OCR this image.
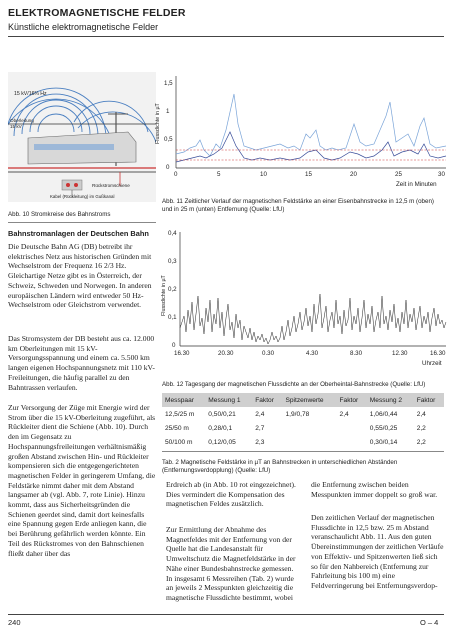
ELEKTROMAGNETISCHE FELDER
Künstliche elektromagnetische Felder
15 kV/16⅔ Hz
Oberleitung
15 kV
Rückstromschiene
Kabel (Rückleitung) im Gußkanal
Abb. 10 Stromkreise des Bahnstroms
Flussdichte in µT
0
0,5
1
1,5
0	5	10	15	20	25	30
Zeit in Minuten
Abb. 11 Zeitlicher Verlauf der magnetischen Feldstärke an einer Eisenbahnstrecke in 12,5 m (oben) und in 25 m (unten) Entfernung (Quelle: LfU)
Bahnstromanlagen der Deutschen Bahn
Die Deutsche Bahn AG (DB) betreibt ihr elektrisches Netz aus historischen Gründen mit Wechselstrom der Frequenz 16 2/3 Hz. Gleichartige Netze gibt es in Österreich, der Schweiz, Schweden und Norwegen. In anderen europäischen Ländern wird entweder 50 Hz-Wechselstrom oder Gleichstrom verwendet.
Das Stromsystem der DB besteht aus ca. 12.000 km Oberleitungen mit 15 kV-Versorgungsspannung und einem ca. 5.500 km langen eigenen Hochspannungsnetz mit 110 kV-Freileitungen, die häufig parallel zu den Bahntrassen verlaufen.
Zur Versorgung der Züge mit Energie wird der Strom über die 15 kV-Oberleitung zugeführt, als Rückleiter dient die Schiene (Abb. 10). Durch den im Gegensatz zu Hochspannungsfreileitungen verhältnismäßig großen Abstand zwischen Hin- und Rückleiter kompensieren sich die entgegengerichteten magnetischen Felder in geringerem Umfang, die Feldstärke nimmt daher mit dem Abstand langsamer ab (vgl. Abb. 7, rote Linie). Hinzu kommt, dass aus Sicherheitsgründen die Schienen geerdet sind, damit dort keinesfalls eine Spannung gegen Erde anliegen kann, die bei Berührung gefährlich werden könnte. Ein Teil des Rückstromes von den Bahnschienen fließt daher über das
Flussdichte in µT
0
0,1
0,2
0,3
0,4
16.30	20.30	0.30	4.30	8.30	12.30	16.30
Uhrzeit
Abb. 12 Tagesgang der magnetischen Flussdichte an der Oberheintal-Bahnstrecke (Quelle: LfU)
Messpaar	Messung 1	Faktor	Spitzenwerte	Faktor	Messung 2	Faktor
12,5/25 m	0,50/0,21	2,4	1,9/0,78	2,4	1,06/0,44	2,4
25/50 m	0,28/0,1	2,7			0,55/0,25	2,2
50/100 m	0,12/0,05	2,3			0,30/0,14	2,2
Tab. 2 Magnetische Feldstärke in µT an Bahnstrecken in unterschiedlichen Abständen (Entfernungsverdopplung) (Quelle: LfU)
Erdreich ab (in Abb. 10 rot eingezeichnet). Dies vermindert die Kompensation des magnetischen Feldes zusätzlich.
Zur Ermittlung der Abnahme des Magnetfeldes mit der Entfernung von der Quelle hat die Landesanstalt für Umweltschutz die Magnetfeldstärke in der Nähe einer Bundesbahnstrecke gemessen. In insgesamt 6 Messreihen (Tab. 2) wurde an jeweils 2 Messpunkten gleichzeitig die magnetische Flussdichte bestimmt, wobei
die Entfernung zwischen beiden Messpunkten immer doppelt so groß war.
Den zeitlichen Verlauf der magnetischen Flussdichte in 12,5 bzw. 25 m Abstand veranschaulicht Abb. 11. Aus den guten Übereinstimmungen der zeitlichen Verläufe von Effektiv- und Spitzenwerten ließ sich so für den Nahbereich (Entfernung zur Fahrleitung bis 100 m) eine Feldverringerung bei Entfernungsverdop-
240	O – 4
